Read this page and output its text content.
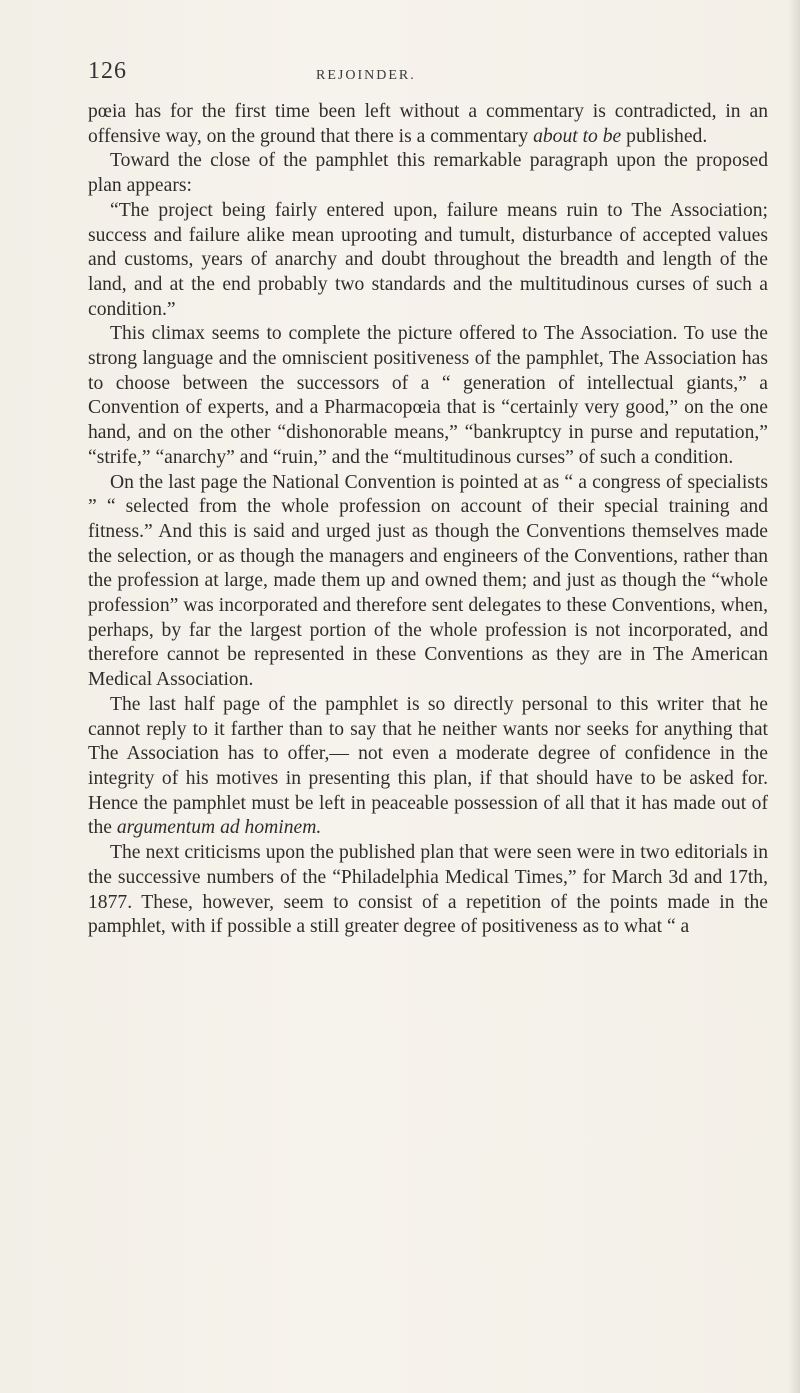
126	REJOINDER.

pœia has for the first time been left without a commentary is contradicted, in an offensive way, on the ground that there is a commentary about to be published.

Toward the close of the pamphlet this remarkable paragraph upon the proposed plan appears:

“The project being fairly entered upon, failure means ruin to The Association; success and failure alike mean uprooting and tumult, disturbance of accepted values and customs, years of anarchy and doubt throughout the breadth and length of the land, and at the end probably two standards and the multitudinous curses of such a condition.”

This climax seems to complete the picture offered to The Association. To use the strong language and the omniscient positiveness of the pamphlet, The Association has to choose between the successors of a “ generation of intellectual giants,” a Convention of experts, and a Pharmacopœia that is “certainly very good,” on the one hand, and on the other “dishonorable means,” “bankruptcy in purse and reputation,” “strife,” “anarchy” and “ruin,” and the “multitudinous curses” of such a condition.

On the last page the National Convention is pointed at as “ a congress of specialists ” “ selected from the whole profession on account of their special training and fitness.” And this is said and urged just as though the Conventions themselves made the selection, or as though the managers and engineers of the Conventions, rather than the profession at large, made them up and owned them; and just as though the “whole profession” was incorporated and therefore sent delegates to these Conventions, when, perhaps, by far the largest portion of the whole profession is not incorporated, and therefore cannot be represented in these Conventions as they are in The American Medical Association.

The last half page of the pamphlet is so directly personal to this writer that he cannot reply to it farther than to say that he neither wants nor seeks for anything that The Association has to offer,— not even a moderate degree of confidence in the integrity of his motives in presenting this plan, if that should have to be asked for. Hence the pamphlet must be left in peaceable possession of all that it has made out of the argumentum ad hominem.

The next criticisms upon the published plan that were seen were in two editorials in the successive numbers of the “Philadelphia Medical Times,” for March 3d and 17th, 1877. These, however, seem to consist of a repetition of the points made in the pamphlet, with if possible a still greater degree of positiveness as to what “ a
